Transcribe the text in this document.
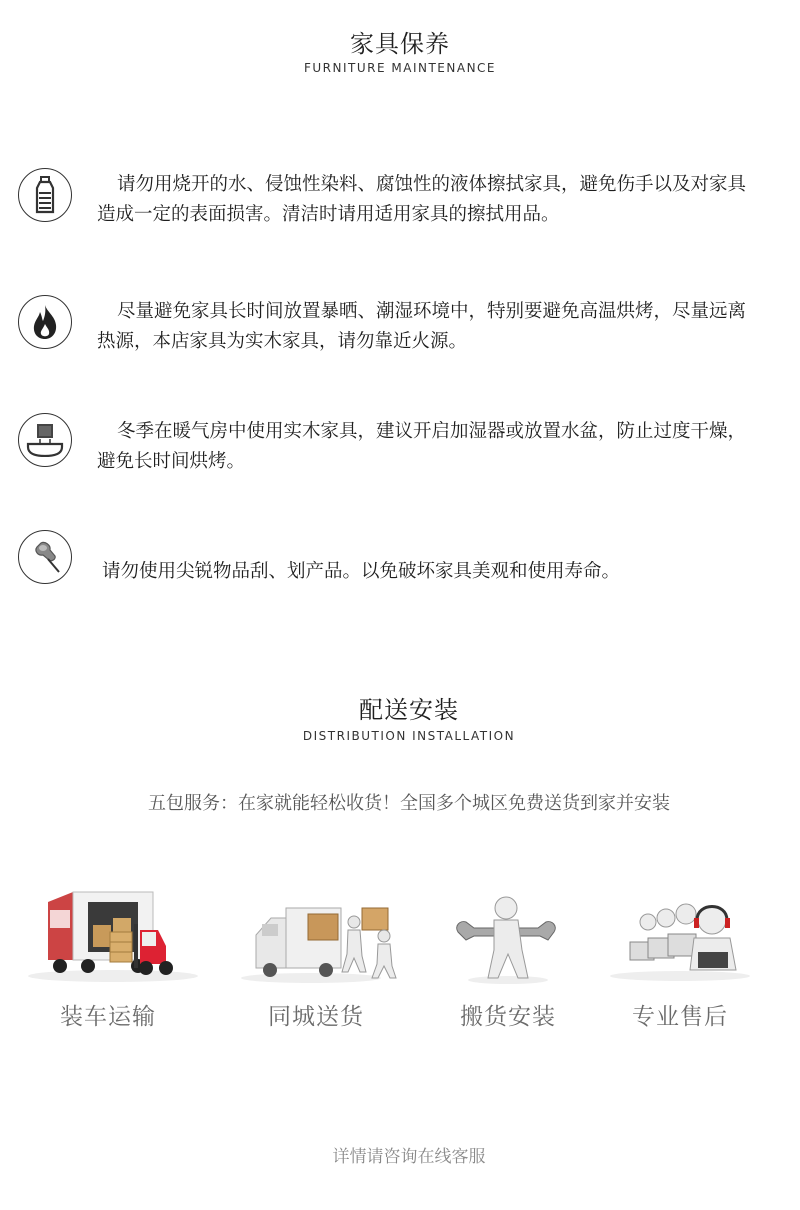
家具保养
FURNITURE MAINTENANCE
请勿用烧开的水、侵蚀性染料、腐蚀性的液体擦拭家具，避免伤手以及对家具造成一定的表面损害。清洁时请用适用家具的擦拭用品。
尽量避免家具长时间放置暴晒、潮湿环境中，特别要避免高温烘烤，尽量远离热源，本店家具为实木家具，请勿靠近火源。
冬季在暖气房中使用实木家具，建议开启加湿器或放置水盆，防止过度干燥，避免长时间烘烤。
请勿使用尖锐物品刮、划产品。以免破坏家具美观和使用寿命。
配送安装
DISTRIBUTION INSTALLATION
五包服务：在家就能轻松收货！全国多个城区免费送货到家并安装
装车运输	同城送货	搬货安装	专业售后
详情请咨询在线客服
